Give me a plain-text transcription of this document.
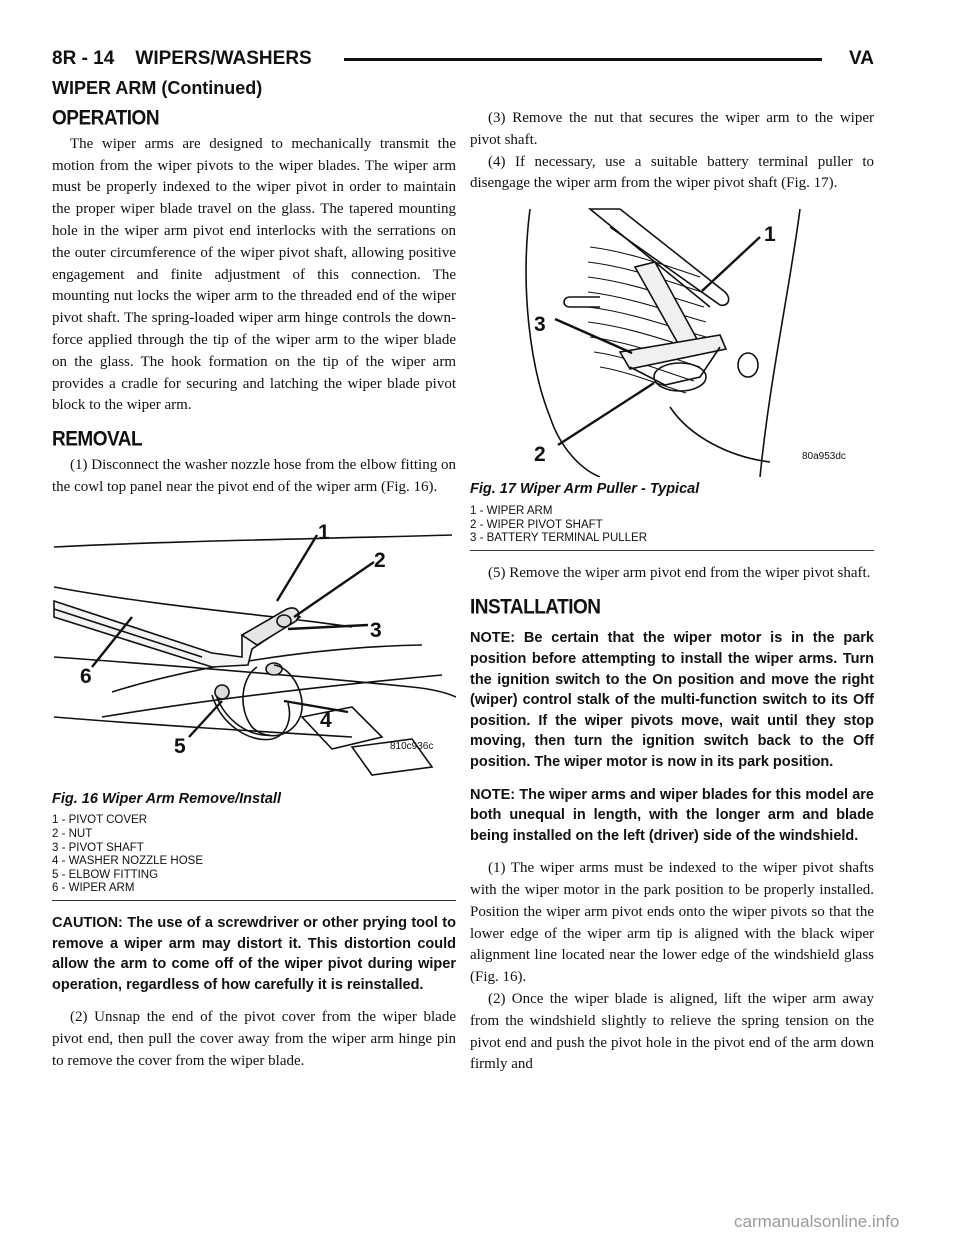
8R - 14    WIPERS/WASHERS	VA
WIPER ARM (Continued)
OPERATION

The wiper arms are designed to mechanically transmit the motion from the wiper pivots to the wiper blades. The wiper arm must be properly indexed to the wiper pivot in order to maintain the proper wiper blade travel on the glass. The tapered mounting hole in the wiper arm pivot end interlocks with the serrations on the outer circumference of the wiper pivot shaft, allowing positive engagement and finite adjustment of this connection. The mounting nut locks the wiper arm to the threaded end of the wiper pivot shaft. The spring-loaded wiper arm hinge controls the down-force applied through the tip of the wiper arm to the wiper blade on the glass. The hook formation on the tip of the wiper arm provides a cradle for securing and latching the wiper blade pivot block to the wiper arm.

REMOVAL

(1) Disconnect the washer nozzle hose from the elbow fitting on the cowl top panel near the pivot end of the wiper arm (Fig. 16).

1
2
3
4
5
6
810c936c
Fig. 16 Wiper Arm Remove/Install
1 - PIVOT COVER
2 - NUT
3 - PIVOT SHAFT
4 - WASHER NOZZLE HOSE
5 - ELBOW FITTING
6 - WIPER ARM

CAUTION: The use of a screwdriver or other prying tool to remove a wiper arm may distort it. This distortion could allow the arm to come off of the wiper pivot during wiper operation, regardless of how carefully it is reinstalled.

(2) Unsnap the end of the pivot cover from the wiper blade pivot end, then pull the cover away from the wiper arm hinge pin to remove the cover from the wiper blade.

(3) Remove the nut that secures the wiper arm to the wiper pivot shaft.

(4) If necessary, use a suitable battery terminal puller to disengage the wiper arm from the wiper pivot shaft (Fig. 17).

1
2
3
80a953dc
Fig. 17 Wiper Arm Puller - Typical
1 - WIPER ARM
2 - WIPER PIVOT SHAFT
3 - BATTERY TERMINAL PULLER

(5) Remove the wiper arm pivot end from the wiper pivot shaft.

INSTALLATION

NOTE: Be certain that the wiper motor is in the park position before attempting to install the wiper arms. Turn the ignition switch to the On position and move the right (wiper) control stalk of the multi-function switch to its Off position. If the wiper pivots move, wait until they stop moving, then turn the ignition switch back to the Off position. The wiper motor is now in its park position.

NOTE: The wiper arms and wiper blades for this model are both unequal in length, with the longer arm and blade being installed on the left (driver) side of the windshield.

(1) The wiper arms must be indexed to the wiper pivot shafts with the wiper motor in the park position to be properly installed. Position the wiper arm pivot ends onto the wiper pivots so that the lower edge of the wiper arm tip is aligned with the black wiper alignment line located near the lower edge of the windshield glass (Fig. 16).

(2) Once the wiper blade is aligned, lift the wiper arm away from the windshield slightly to relieve the spring tension on the pivot end and push the pivot hole in the pivot end of the arm down firmly and

carmanualsonline.info
